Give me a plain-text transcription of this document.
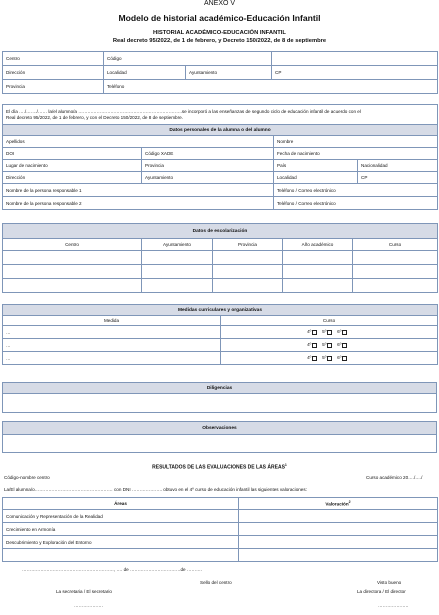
ANEXO V
Modelo de historial académico-Educación Infantil
HISTORIAL ACADÉMICO-EDUCACIÓN INFANTIL
Real decreto 95/2022, de 1 de febrero, y Decreto 150/2022, de 8 de septiembre
Centro	Código		
Dirección	Localidad	Ayuntamiento	CP
Provincia	Teléfono		
El día …./……./…… la/el alumno/a …………………………………………………………..se incorporó a las enseñanzas de segundo ciclo de educación infantil de acuerdo con el
Real decreto 95/2022, de 1 de febrero, y con el Decreto 150/2022, de 8 de septiembre.			
Datos personales de la alumna o del alumno			
Apellidos		Nombre	
DOI	Código XADE	Fecha de nacimiento	
Lugar de nacimiento	Provincia	País	Nacionalidad
Dirección	Ayuntamiento	Localidad	CP
Nombre de la persona responsable 1		Teléfono / Correo electrónico	
Nombre de la persona responsable 2		Teléfono / Correo electrónico	
Datos de escolarización				
Centro	Ayuntamiento	Provincia	Año académico	Curso

Medidas curriculares y organizativas	
Medida	Curso
…	4º 5º 6º
…	4º 5º 6º
…	4º 5º 6º
Diligencias

Observaciones

RESULTADOS DE LAS EVALUACIONES DE LAS ÁREAS$^1$
Código-nombre centro	Curso académico 20…./…./
La/El alumna/o…………………………………………… con DNI ……………….. obtuvo en el 4º curso de educación infantil las siguientes valoraciones:
Áreas	Valoración$^2$
Comunicación y Representación de la Realidad	
Crecimiento en Armonía	
Descubrimiento y Exploración del Entorno	

……………………………………………………, …. de ……………………………de ……….
Sello del centro	Visto bueno
La secretaria / El secretario	La directora / El director
……………….	………………..
